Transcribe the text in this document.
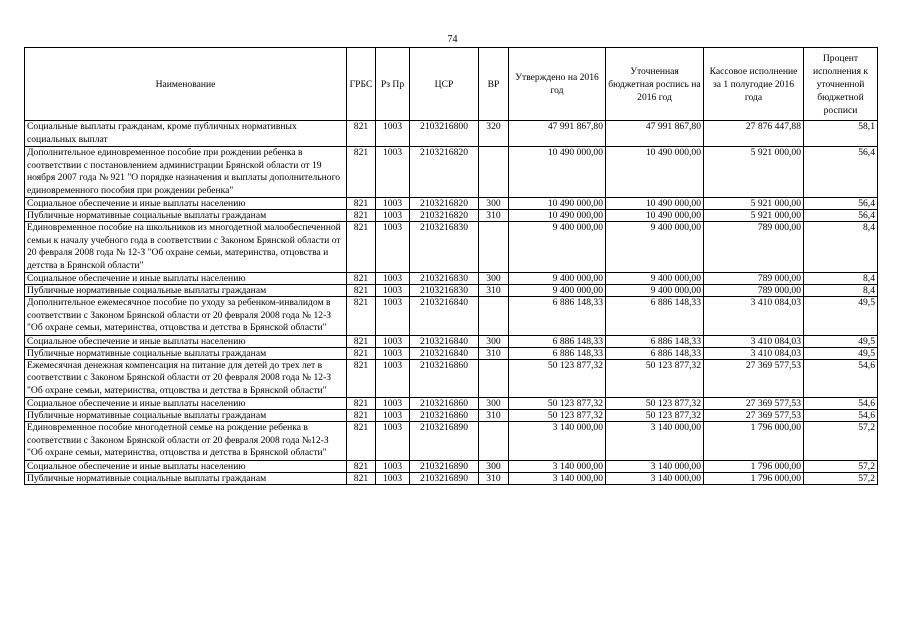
74
Наименование	ГРБС	Рз Пр	ЦСР	ВР	Утверждено на 2016 год	Уточненная бюджетная роспись на 2016 год	Кассовое исполнение за 1 полугодие 2016 года	Процент исполнения к уточненной бюджетной росписи
Социальные выплаты гражданам, кроме публичных нормативных социальных выплат	821	1003	2103216800	320	47 991 867,80	47 991 867,80	27 876 447,88	58,1
Дополнительное единовременное пособие при рождении ребенка в соответствии с постановлением администрации Брянской области от 19 ноября 2007 года № 921 "О порядке назначения и выплаты дополнительного единовременного пособия при рождении ребенка"	821	1003	2103216820		10 490 000,00	10 490 000,00	5 921 000,00	56,4
Социальное обеспечение и иные выплаты населению	821	1003	2103216820	300	10 490 000,00	10 490 000,00	5 921 000,00	56,4
Публичные нормативные социальные выплаты гражданам	821	1003	2103216820	310	10 490 000,00	10 490 000,00	5 921 000,00	56,4
Единовременное пособие на школьников из многодетной малообеспеченной семьи к началу учебного года в соответствии с Законом Брянской области от 20 февраля 2008 года № 12-З "Об охране семьи, материнства, отцовства и детства в Брянской области"	821	1003	2103216830		9 400 000,00	9 400 000,00	789 000,00	8,4
Социальное обеспечение и иные выплаты населению	821	1003	2103216830	300	9 400 000,00	9 400 000,00	789 000,00	8,4
Публичные нормативные социальные выплаты гражданам	821	1003	2103216830	310	9 400 000,00	9 400 000,00	789 000,00	8,4
Дополнительное ежемесячное пособие по уходу за ребенком-инвалидом в соответствии с Законом Брянской области от 20 февраля 2008 года № 12-З "Об охране семьи, материнства, отцовства и детства в Брянской области"	821	1003	2103216840		6 886 148,33	6 886 148,33	3 410 084,03	49,5
Социальное обеспечение и иные выплаты населению	821	1003	2103216840	300	6 886 148,33	6 886 148,33	3 410 084,03	49,5
Публичные нормативные социальные выплаты гражданам	821	1003	2103216840	310	6 886 148,33	6 886 148,33	3 410 084,03	49,5
Ежемесячная денежная компенсация на питание для детей до трех лет в соответствии с Законом Брянской области от 20 февраля 2008 года № 12-З "Об охране семьи, материнства, отцовства и детства в Брянской области"	821	1003	2103216860		50 123 877,32	50 123 877,32	27 369 577,53	54,6
Социальное обеспечение и иные выплаты населению	821	1003	2103216860	300	50 123 877,32	50 123 877,32	27 369 577,53	54,6
Публичные нормативные социальные выплаты гражданам	821	1003	2103216860	310	50 123 877,32	50 123 877,32	27 369 577,53	54,6
Единовременное пособие многодетной семье на рождение ребенка в соответствии с Законом Брянской области от 20 февраля 2008 года №12-З "Об охране семьи, материнства, отцовства и детства в Брянской области"	821	1003	2103216890		3 140 000,00	3 140 000,00	1 796 000,00	57,2
Социальное обеспечение и иные выплаты населению	821	1003	2103216890	300	3 140 000,00	3 140 000,00	1 796 000,00	57,2
Публичные нормативные социальные выплаты гражданам	821	1003	2103216890	310	3 140 000,00	3 140 000,00	1 796 000,00	57,2
